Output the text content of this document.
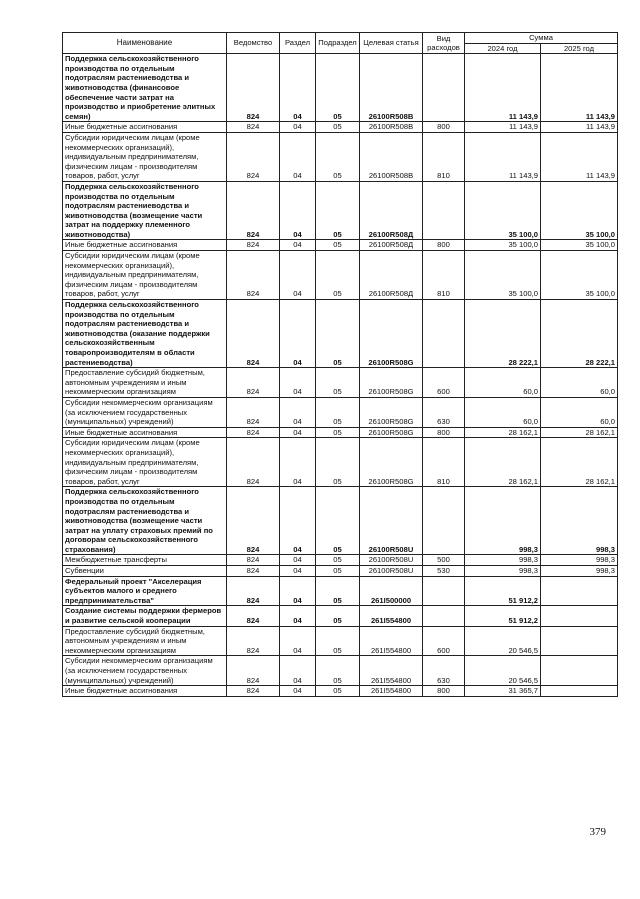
Наименование	Ведомство	Раздел	Подраздел	Целевая статья	Вид расходов	Сумма	
						2024 год	2025 год
Поддержка сельскохозяйственного производства по отдельным подотраслям растениеводства и животноводства (финансовое обеспечение части затрат на производство и приобретение элитных семян)	824	04	05	26100R508B		11 143,9	11 143,9
Иные бюджетные ассигнования	824	04	05	26100R508B	800	11 143,9	11 143,9
Субсидии юридическим лицам (кроме некоммерческих организаций), индивидуальным предпринимателям, физическим лицам - производителям товаров, работ, услуг	824	04	05	26100R508B	810	11 143,9	11 143,9
Поддержка сельскохозяйственного производства по отдельным подотраслям растениеводства и животноводства (возмещение части затрат на поддержку племенного животноводства)	824	04	05	26100R508Д		35 100,0	35 100,0
Иные бюджетные ассигнования	824	04	05	26100R508Д	800	35 100,0	35 100,0
Субсидии юридическим лицам (кроме некоммерческих организаций), индивидуальным предпринимателям, физическим лицам - производителям товаров, работ, услуг	824	04	05	26100R508Д	810	35 100,0	35 100,0
Поддержка сельскохозяйственного производства по отдельным подотраслям растениеводства и животноводства (оказание поддержки сельскохозяйственным товаропроизводителям в области растениеводства)	824	04	05	26100R508G		28 222,1	28 222,1
Предоставление субсидий бюджетным, автономным учреждениям и иным некоммерческим организациям	824	04	05	26100R508G	600	60,0	60,0
Субсидии некоммерческим организациям (за исключением государственных (муниципальных) учреждений)	824	04	05	26100R508G	630	60,0	60,0
Иные бюджетные ассигнования	824	04	05	26100R508G	800	28 162,1	28 162,1
Субсидии юридическим лицам (кроме некоммерческих организаций), индивидуальным предпринимателям, физическим лицам - производителям товаров, работ, услуг	824	04	05	26100R508G	810	28 162,1	28 162,1
Поддержка сельскохозяйственного производства по отдельным подотраслям растениеводства и животноводства (возмещение части затрат на уплату страховых премий по договорам сельскохозяйственного страхования)	824	04	05	26100R508U		998,3	998,3
Межбюджетные трансферты	824	04	05	26100R508U	500	998,3	998,3
Субвенции	824	04	05	26100R508U	530	998,3	998,3
Федеральный проект "Акселерация субъектов малого и среднего предпринимательства"	824	04	05	261I500000		51 912,2	
Создание системы поддержки фермеров и развитие сельской кооперации	824	04	05	261I554800		51 912,2	
Предоставление субсидий бюджетным, автономным учреждениям и иным некоммерческим организациям	824	04	05	261I554800	600	20 546,5	
Субсидии некоммерческим организациям (за исключением государственных (муниципальных) учреждений)	824	04	05	261I554800	630	20 546,5	
Иные бюджетные ассигнования	824	04	05	261I554800	800	31 365,7	
379
